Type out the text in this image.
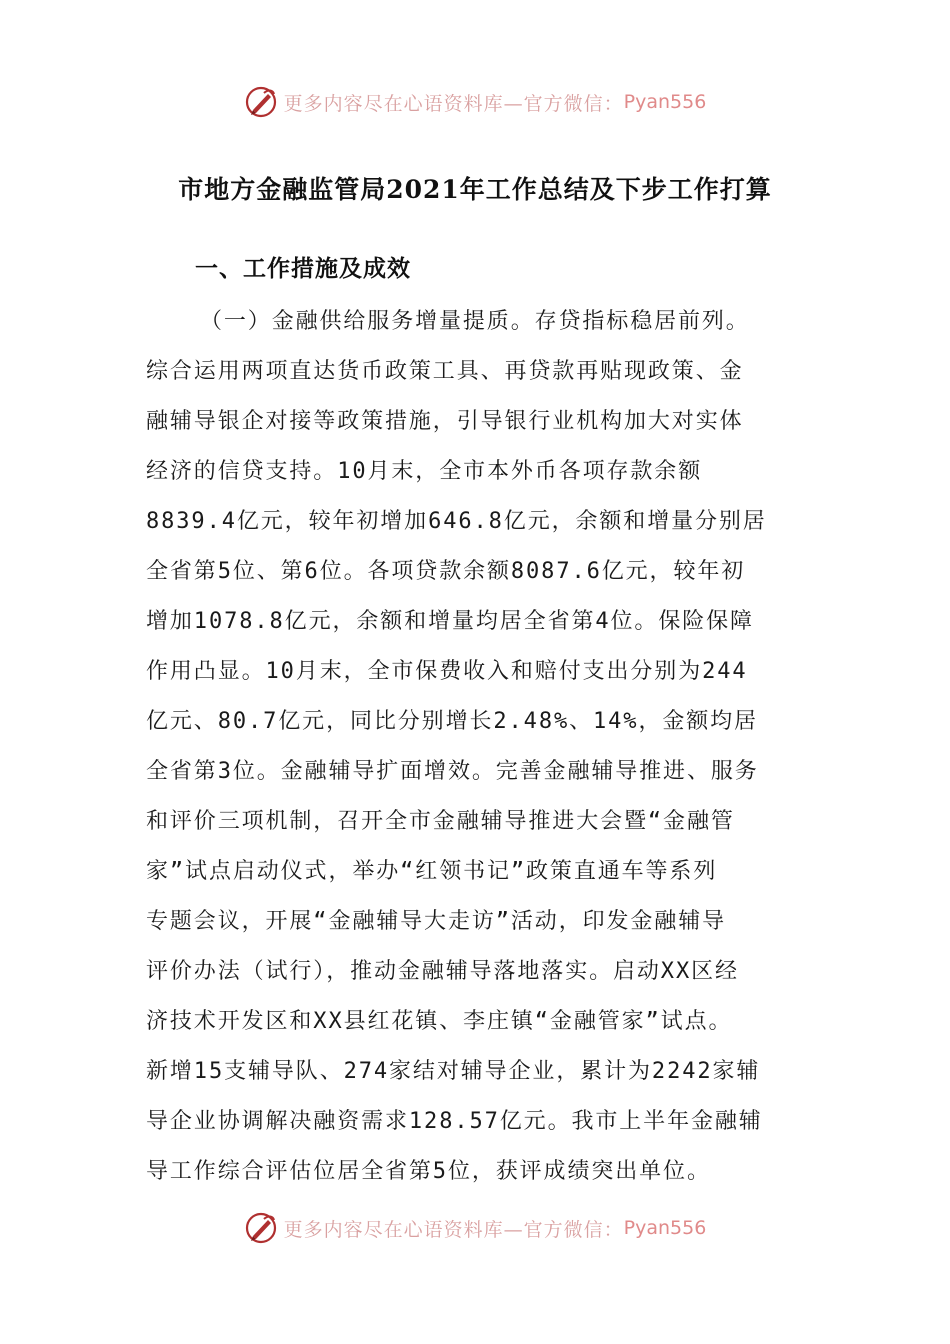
更多内容尽在心语资料库—官方微信： Pyan556
市地方金融监管局2021年工作总结及下步工作打算
一、工作措施及成效
（一）金融供给服务增量提质。存贷指标稳居前列。
综合运用两项直达货币政策工具、再贷款再贴现政策、金
融辅导银企对接等政策措施，引导银行业机构加大对实体
经济的信贷支持。10月末，全市本外币各项存款余额
8839.4亿元，较年初增加646.8亿元，余额和增量分别居
全省第5位、第6位。各项贷款余额8087.6亿元，较年初
增加1078.8亿元，余额和增量均居全省第4位。保险保障
作用凸显。10月末，全市保费收入和赔付支出分别为244
亿元、80.7亿元，同比分别增长2.48%、14%，金额均居
全省第3位。金融辅导扩面增效。完善金融辅导推进、服务
和评价三项机制，召开全市金融辅导推进大会暨“金融管
家”试点启动仪式，举办“红领书记”政策直通车等系列
专题会议，开展“金融辅导大走访”活动，印发金融辅导
评价办法（试行），推动金融辅导落地落实。启动XX区经
济技术开发区和XX县红花镇、李庄镇“金融管家”试点。
新增15支辅导队、274家结对辅导企业，累计为2242家辅
导企业协调解决融资需求128.57亿元。我市上半年金融辅
导工作综合评估位居全省第5位，获评成绩突出单位。
更多内容尽在心语资料库—官方微信： Pyan556
